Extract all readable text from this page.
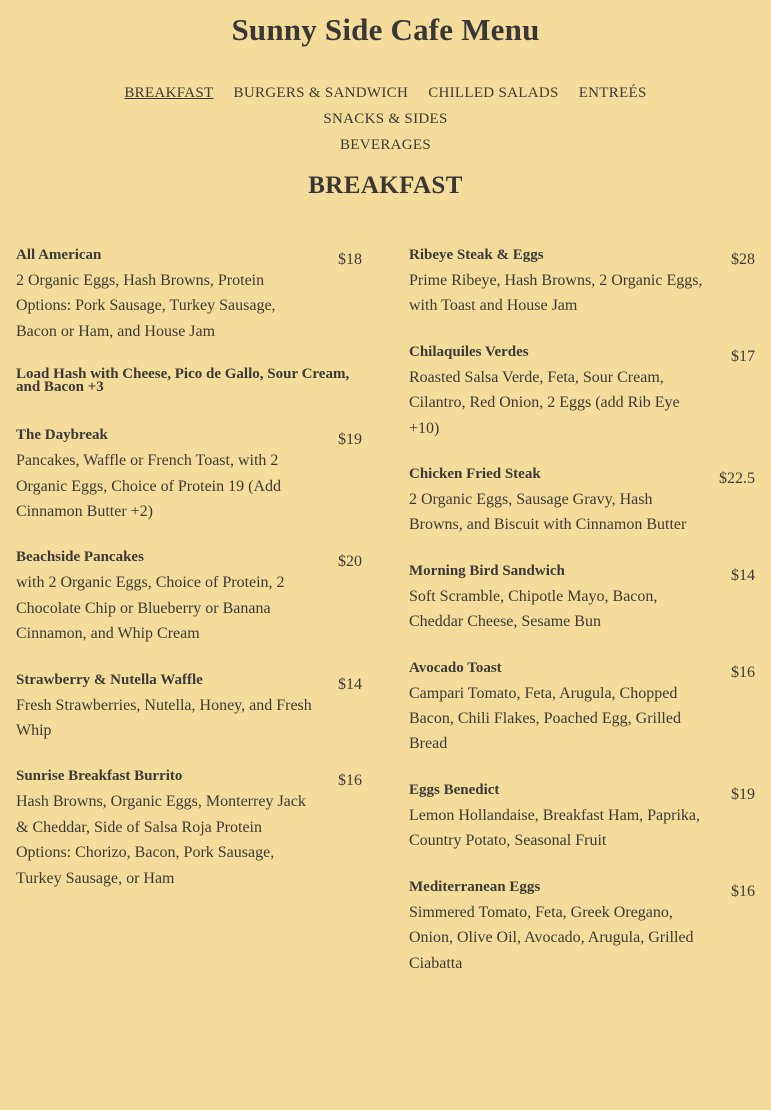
Sunny Side Cafe Menu
BREAKFAST BURGERS & SANDWICH CHILLED SALADS ENTREÉS SNACKS & SIDES
BEVERAGES
BREAKFAST
All American	$18
2 Organic Eggs, Hash Browns, Protein Options: Pork Sausage, Turkey Sausage, Bacon or Ham, and House Jam
Load Hash with Cheese, Pico de Gallo, Sour Cream, and Bacon +3
The Daybreak	$19
Pancakes, Waffle or French Toast, with 2 Organic Eggs, Choice of Protein 19 (Add Cinnamon Butter +2)
Beachside Pancakes	$20
with 2 Organic Eggs, Choice of Protein, 2 Chocolate Chip or Blueberry or Banana Cinnamon, and Whip Cream
Strawberry & Nutella Waffle	$14
Fresh Strawberries, Nutella, Honey, and Fresh Whip
Sunrise Breakfast Burrito	$16
Hash Browns, Organic Eggs, Monterrey Jack & Cheddar, Side of Salsa Roja Protein Options: Chorizo, Bacon, Pork Sausage, Turkey Sausage, or Ham
Ribeye Steak & Eggs	$28
Prime Ribeye, Hash Browns, 2 Organic Eggs, with Toast and House Jam
Chilaquiles Verdes	$17
Roasted Salsa Verde, Feta, Sour Cream, Cilantro, Red Onion, 2 Eggs (add Rib Eye +10)
Chicken Fried Steak	$22.5
2 Organic Eggs, Sausage Gravy, Hash Browns, and Biscuit with Cinnamon Butter
Morning Bird Sandwich	$14
Soft Scramble, Chipotle Mayo, Bacon, Cheddar Cheese, Sesame Bun
Avocado Toast	$16
Campari Tomato, Feta, Arugula, Chopped Bacon, Chili Flakes, Poached Egg, Grilled Bread
Eggs Benedict	$19
Lemon Hollandaise, Breakfast Ham, Paprika, Country Potato, Seasonal Fruit
Mediterranean Eggs	$16
Simmered Tomato, Feta, Greek Oregano, Onion, Olive Oil, Avocado, Arugula, Grilled Ciabatta
